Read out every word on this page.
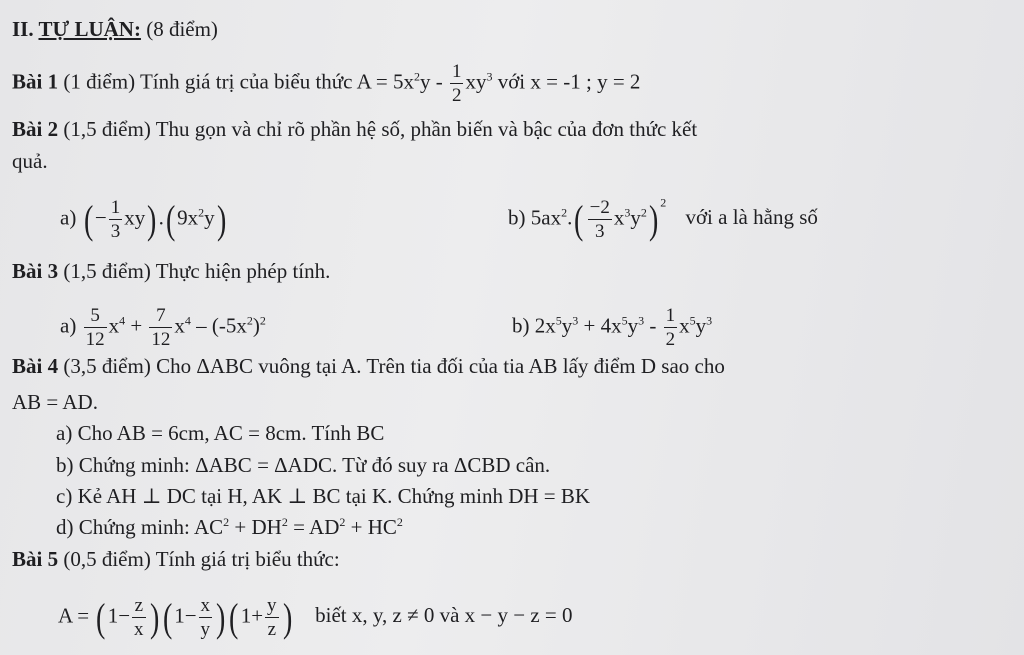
II. TỰ LUẬN: (8 điểm)
Bài 1 (1 điểm) Tính giá trị của biểu thức $A = 5x^2y - \frac{1}{2} xy^3$ với x = -1 ; y = 2
Bài 2 (1,5 điểm) Thu gọn và chỉ rõ phần hệ số, phần biến và bậc của đơn thức kết
quả.
a) (− $\frac{1}{3} xy).(9x^2y)$	b) $5ax^2.( \frac{-2}{3} x^3y^2)$ $^2$ với a là hằng số
Bài 3 (1,5 điểm) Thực hiện phép tính.
$a) \frac{5}{12} x^4 + \frac{7}{12} x^4 - (-5x^2)^2$	b) $2x^5y^3 + 4x^5y^3 - \frac{1}{2} x^5y^3$
Bài 4 (3,5 điểm) Cho ΔABC vuông tại A. Trên tia đối của tia AB lấy điểm D sao cho
AB = AD.
a) Cho AB = 6cm, AC = 8cm. Tính BC
b) Chứng minh: ΔABC = ΔADC. Từ đó suy ra ΔCBD cân.
c) Kẻ AH ⊥ DC tại H, AK ⊥ BC tại K. Chứng minh DH = BK
d) Chứng minh: $AC^2 + DH^2 = AD^2 + HC^2$
Bài 5 (0,5 điểm) Tính giá trị biểu thức:
$A = (1- \frac{z}{x} )(1- \frac{x}{y} )(1+ \frac{y}{z}$ ) biết x, y, z ≠ 0 và x − y − z = 0
